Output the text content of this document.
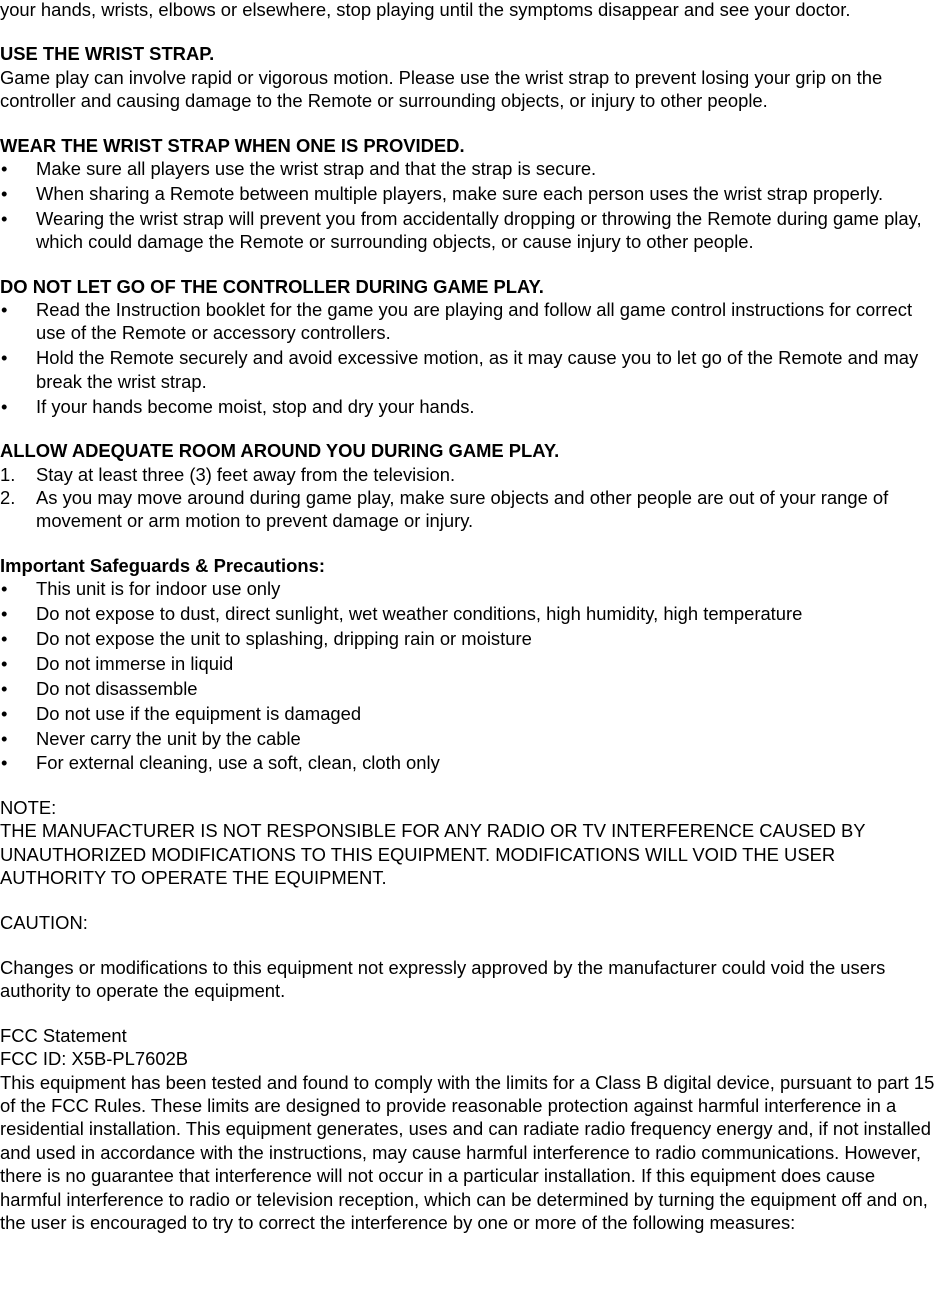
your hands, wrists, elbows or elsewhere, stop playing until the symptoms disappear and see your doctor.

USE THE WRIST STRAP.

Game play can involve rapid or vigorous motion. Please use the wrist strap to prevent losing your grip on the controller and causing damage to the Remote or surrounding objects, or injury to other people.

WEAR THE WRIST STRAP WHEN ONE IS PROVIDED.

• Make sure all players use the wrist strap and that the strap is secure.
• When sharing a Remote between multiple players, make sure each person uses the wrist strap properly.
• Wearing the wrist strap will prevent you from accidentally dropping or throwing the Remote during game play, which could damage the Remote or surrounding objects, or cause injury to other people.

DO NOT LET GO OF THE CONTROLLER DURING GAME PLAY.

• Read the Instruction booklet for the game you are playing and follow all game control instructions for correct use of the Remote or accessory controllers.
• Hold the Remote securely and avoid excessive motion, as it may cause you to let go of the Remote and may break the wrist strap.
• If your hands become moist, stop and dry your hands.

ALLOW ADEQUATE ROOM AROUND YOU DURING GAME PLAY.

1. Stay at least three (3) feet away from the television.
2. As you may move around during game play, make sure objects and other people are out of your range of movement or arm motion to prevent damage or injury.

Important Safeguards & Precautions:

• This unit is for indoor use only
• Do not expose to dust, direct sunlight, wet weather conditions, high humidity, high temperature
• Do not expose the unit to splashing, dripping rain or moisture
• Do not immerse in liquid
• Do not disassemble
• Do not use if the equipment is damaged
• Never carry the unit by the cable
• For external cleaning, use a soft, clean, cloth only

NOTE:

THE MANUFACTURER IS NOT RESPONSIBLE FOR ANY RADIO OR TV INTERFERENCE CAUSED BY UNAUTHORIZED MODIFICATIONS TO THIS EQUIPMENT. MODIFICATIONS WILL VOID THE USER AUTHORITY TO OPERATE THE EQUIPMENT.

CAUTION:

Changes or modifications to this equipment not expressly approved by the manufacturer could void the users authority to operate the equipment.

FCC Statement

FCC ID: X5B-PL7602B

This equipment has been tested and found to comply with the limits for a Class B digital device, pursuant to part 15 of the FCC Rules. These limits are designed to provide reasonable protection against harmful interference in a residential installation. This equipment generates, uses and can radiate radio frequency energy and, if not installed and used in accordance with the instructions, may cause harmful interference to radio communications. However, there is no guarantee that interference will not occur in a particular installation. If this equipment does cause harmful interference to radio or television reception, which can be determined by turning the equipment off and on, the user is encouraged to try to correct the interference by one or more of the following measures:
